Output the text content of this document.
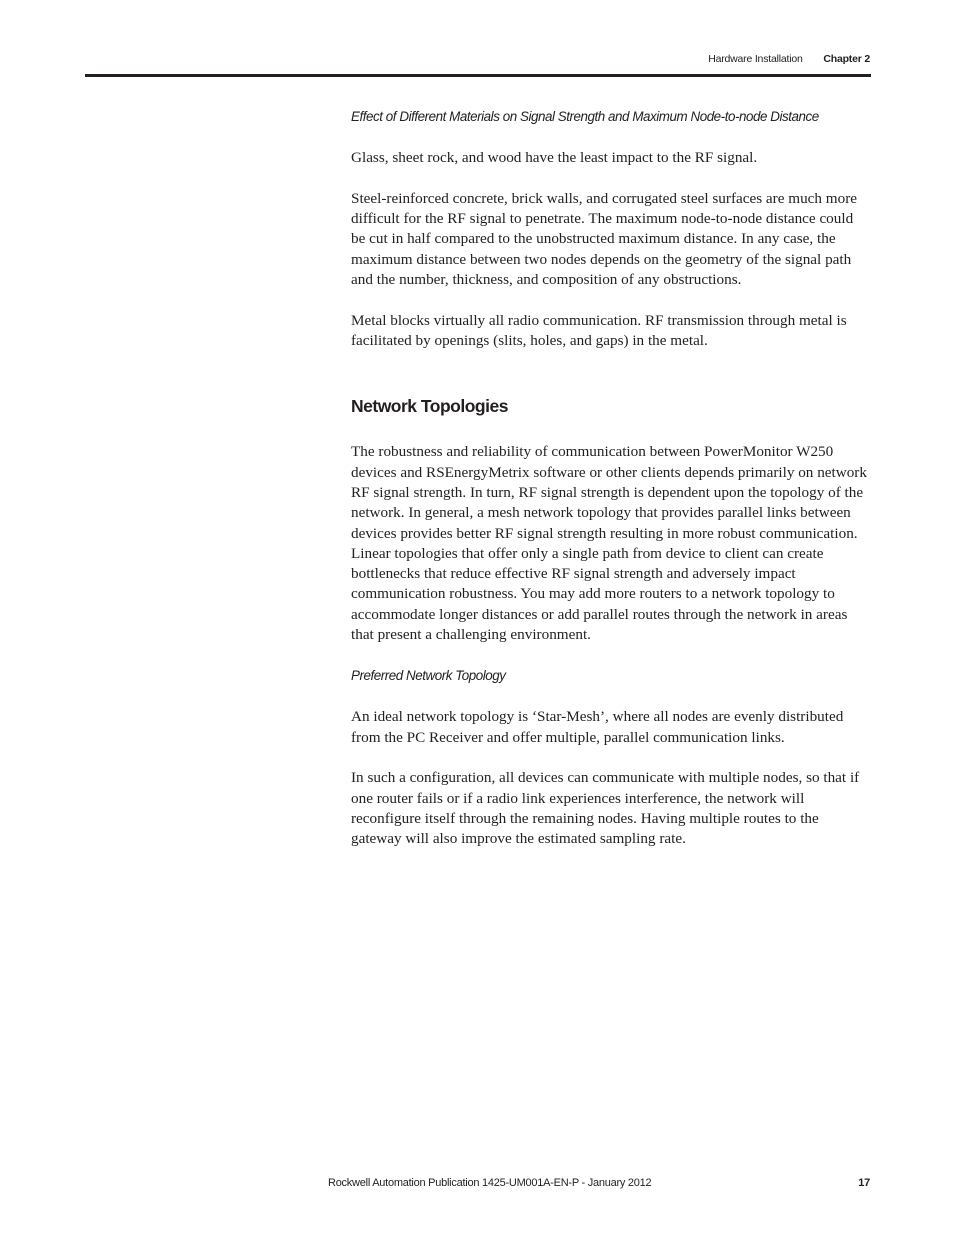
Hardware Installation Chapter 2
Effect of Different Materials on Signal Strength and Maximum Node-to-node Distance

Glass, sheet rock, and wood have the least impact to the RF signal.

Steel-reinforced concrete, brick walls, and corrugated steel surfaces are much more difficult for the RF signal to penetrate. The maximum node-to-node distance could be cut in half compared to the unobstructed maximum distance. In any case, the maximum distance between two nodes depends on the geometry of the signal path and the number, thickness, and composition of any obstructions.

Metal blocks virtually all radio communication. RF transmission through metal is facilitated by openings (slits, holes, and gaps) in the metal.

Network Topologies

The robustness and reliability of communication between PowerMonitor W250 devices and RSEnergyMetrix software or other clients depends primarily on network RF signal strength. In turn, RF signal strength is dependent upon the topology of the network. In general, a mesh network topology that provides parallel links between devices provides better RF signal strength resulting in more robust communication. Linear topologies that offer only a single path from device to client can create bottlenecks that reduce effective RF signal strength and adversely impact communication robustness. You may add more routers to a network topology to accommodate longer distances or add parallel routes through the network in areas that present a challenging environment.

Preferred Network Topology

An ideal network topology is ‘Star-Mesh’, where all nodes are evenly distributed from the PC Receiver and offer multiple, parallel communication links.

In such a configuration, all devices can communicate with multiple nodes, so that if one router fails or if a radio link experiences interference, the network will reconfigure itself through the remaining nodes. Having multiple routes to the gateway will also improve the estimated sampling rate.

Rockwell Automation Publication 1425-UM001A-EN-P - January 2012	17
